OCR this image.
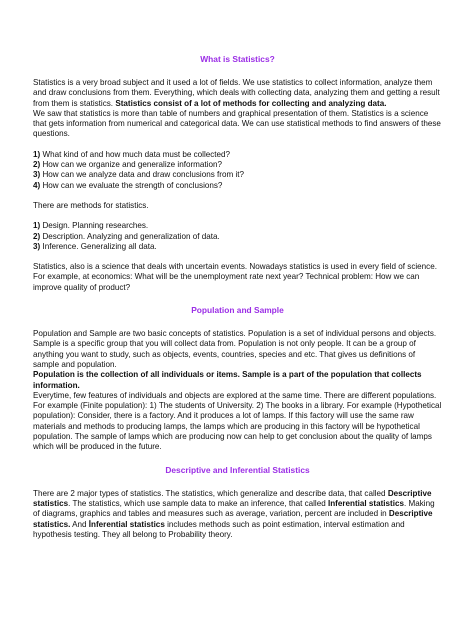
What is Statistics?

Statistics is a very broad subject and it used a lot of fields. We use statistics to collect information, analyze them and draw conclusions from them. Everything, which deals with collecting data, analyzing them and getting a result from them is statistics. Statistics consist of a lot of methods for collecting and analyzing data.

We saw that statistics is more than table of numbers and graphical presentation of them. Statistics is a science that gets information from numerical and categorical data. We can use statistical methods to find answers of these questions.

1) What kind of and how much data must be collected?

2) How can we organize and generalize information?

3) How can we analyze data and draw conclusions from it?

4) How can we evaluate the strength of conclusions?

There are methods for statistics.

1) Design. Planning researches.

2) Description. Analyzing and generalization of data.

3) Inference. Generalizing all data.

Statistics, also is a science that deals with uncertain events. Nowadays statistics is used in every field of science. For example, at economics: What will be the unemployment rate next year? Technical problem: How we can improve quality of product?

Population and Sample

Population and Sample are two basic concepts of statistics. Population is a set of individual persons and objects. Sample is a specific group that you will collect data from. Population is not only people. It can be a group of anything you want to study, such as objects, events, countries, species and etc. That gives us definitions of sample and population.

Population is the collection of all individuals or items. Sample is a part of the population that collects information.

Everytime, few features of individuals and objects are explored at the same time. There are different populations. For example (Finite population): 1) The students of University. 2) The books in a library. For example (Hypothetical population): Consider, there is a factory. And it produces a lot of lamps. If this factory will use the same raw materials and methods to producing lamps, the lamps which are producing in this factory will be hypothetical population. The sample of lamps which are producing now can help to get conclusion about the quality of lamps which will be produced in the future.

Descriptive and Inferential Statistics

There are 2 major types of statistics. The statistics, which generalize and describe data, that called Descriptive statistics. The statistics, which use sample data to make an inference, that called Inferential statistics. Making of diagrams, graphics and tables and measures such as average, variation, percent are included in Descriptive statistics. And İnferential statistics includes methods such as point estimation, interval estimation and hypothesis testing. They all belong to Probability theory.
